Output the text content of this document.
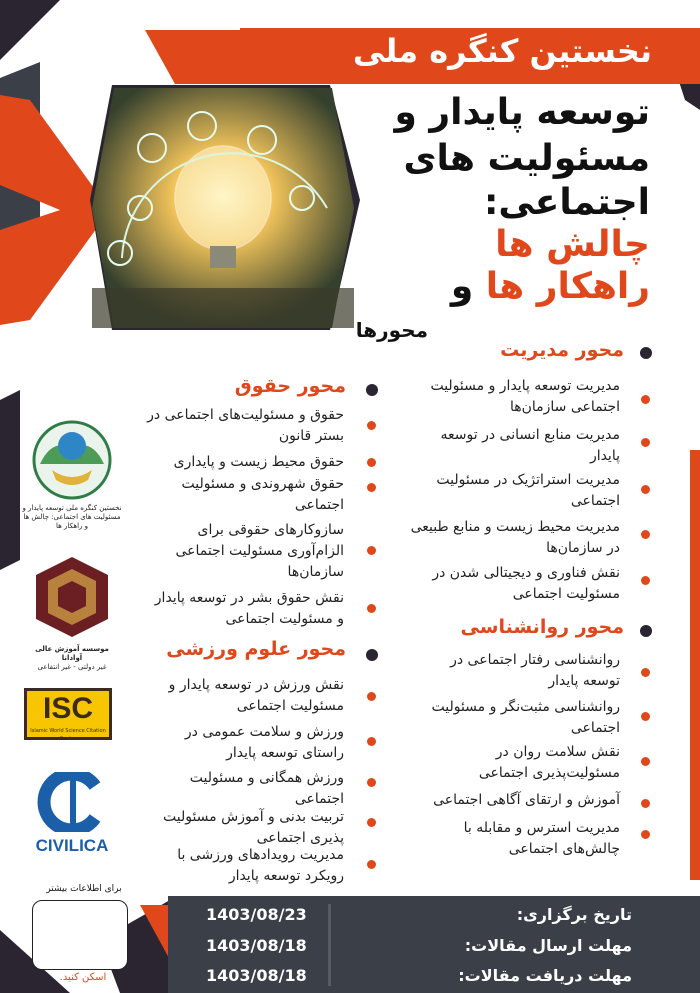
نخستین کنگره ملی
توسعه پایدار و
مسئولیت های
اجتماعی:
چالش ها
راهکار ها و
محورها
محور مدیریت
مدیریت توسعه پایدار و مسئولیت اجتماعی سازمان‌ها
مدیریت منابع انسانی در توسعه پایدار
مدیریت استراتژیک در مسئولیت اجتماعی
مدیریت محیط زیست و منابع طبیعی در سازمان‌ها
نقش فناوری و دیجیتالی شدن در مسئولیت اجتماعی
محور روانشناسی
روانشناسی رفتار اجتماعی در توسعه پایدار
روانشناسی مثبت‌نگر و مسئولیت اجتماعی
نقش سلامت روان در مسئولیت‌پذیری اجتماعی
آموزش و ارتقای آگاهی اجتماعی
مدیریت استرس و مقابله با چالش‌های اجتماعی
محور حقوق
حقوق و مسئولیت‌های اجتماعی در بستر قانون
حقوق محیط زیست و پایداری
حقوق شهروندی و مسئولیت اجتماعی
سازوکارهای حقوقی برای الزام‌آوری مسئولیت اجتماعی سازمان‌ها
نقش حقوق بشر در توسعه پایدار و مسئولیت اجتماعی
محور علوم ورزشی
نقش ورزش در توسعه پایدار و مسئولیت اجتماعی
ورزش و سلامت عمومی در راستای توسعه پایدار
ورزش همگانی و مسئولیت اجتماعی
تربیت بدنی و آموزش مسئولیت پذیری اجتماعی
مدیریت رویدادهای ورزشی با رویکرد توسعه پایدار
نخستین کنگره ملی توسعه پایدار و مسئولیت های اجتماعی: چالش ها و راهکار ها
موسسه آموزش عالی آوادانا
غیر دولتی - غیر انتفاعی
ISC
Islamic World Science Citation Center
CIVILICA
برای اطلاعات بیشتر
اسکن کنید.
1403/08/23	تاریخ برگزاری:
1403/08/18	مهلت ارسال مقالات:
1403/08/18	مهلت دریافت مقالات:
